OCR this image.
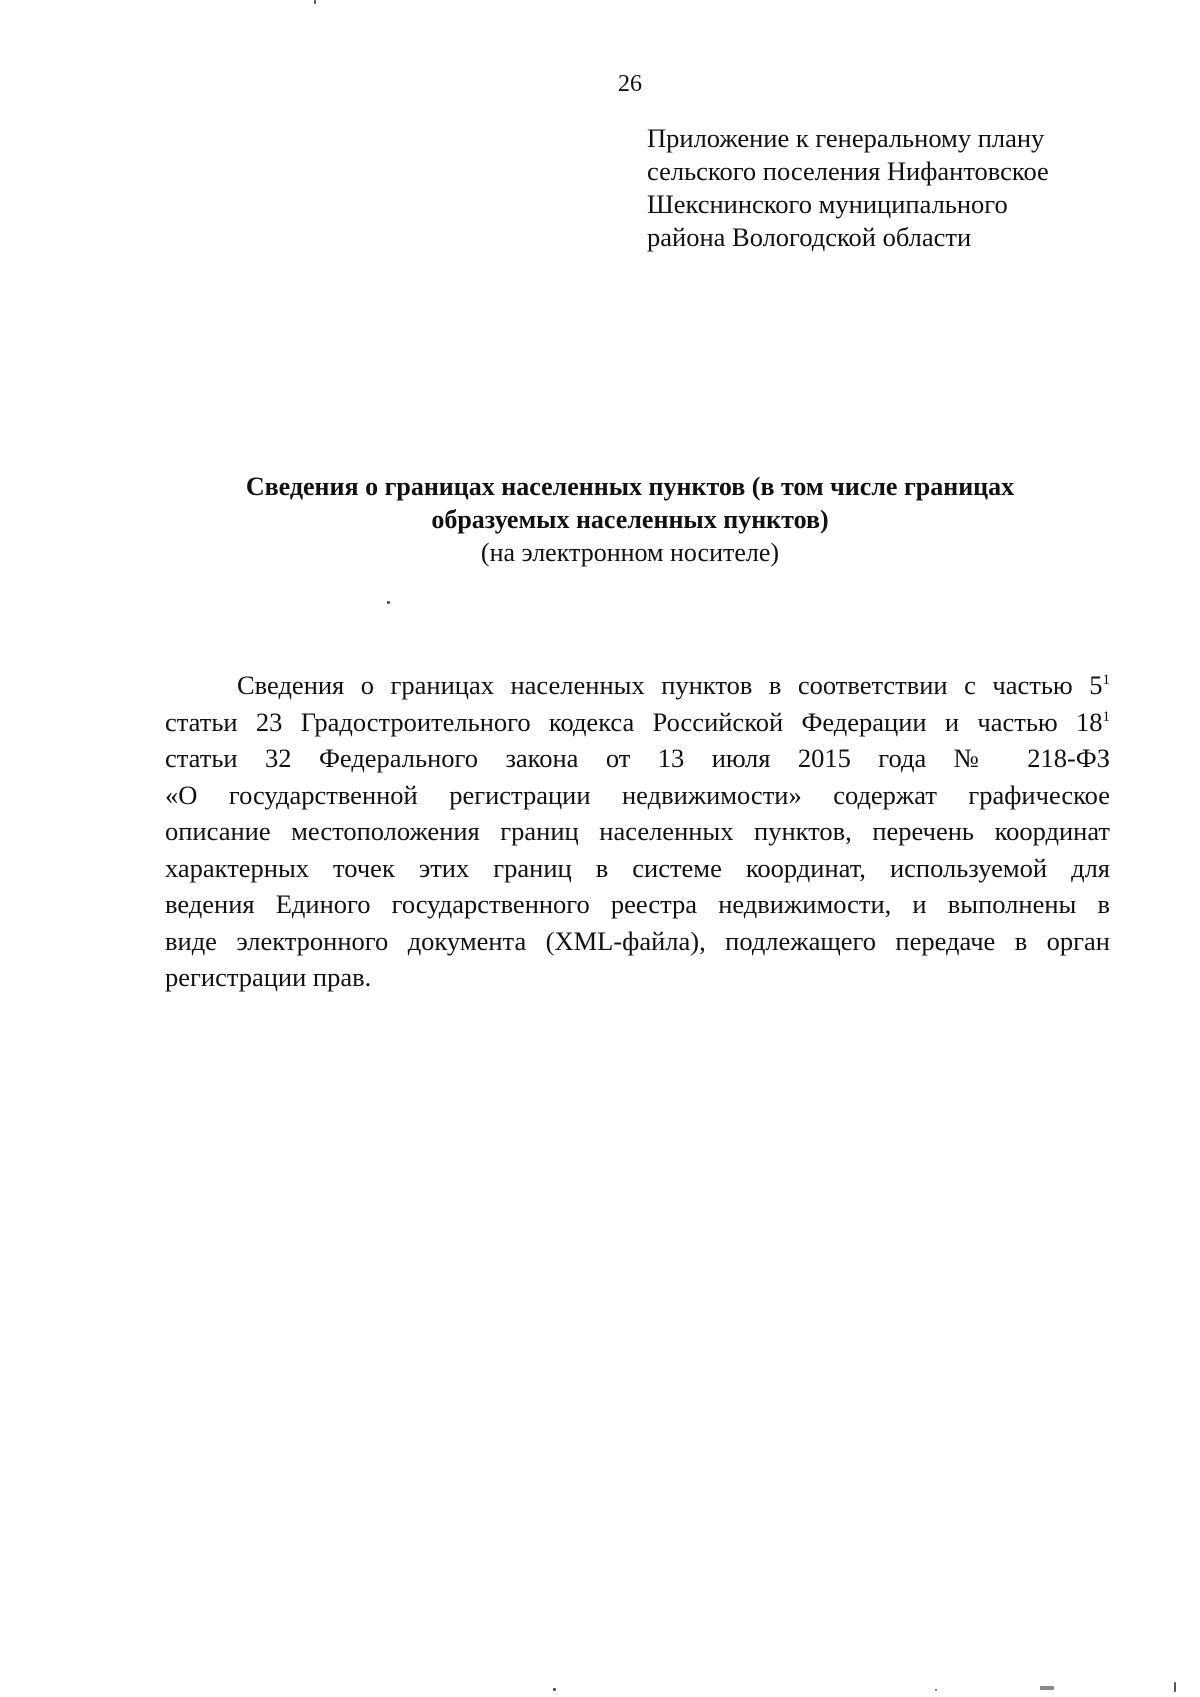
26
Приложение к генеральному плану
сельского поселения Нифантовское
Шекснинского муниципального
района Вологодской области
Сведения о границах населенных пунктов (в том числе границах
образуемых населенных пунктов)
(на электронном носителе)
Сведения о границах населенных пунктов в соответствии с частью $5^1$
статьи 23 Градостроительного кодекса Российской Федерации и частью $18^1$
статьи 32 Федерального закона от 13 июля 2015 года № 218-ФЗ
«О государственной регистрации недвижимости» содержат графическое
описание местоположения границ населенных пунктов, перечень координат
характерных точек этих границ в системе координат, используемой для
ведения Единого государственного реестра недвижимости, и выполнены в
виде электронного документа (XML-файла), подлежащего передаче в орган
регистрации прав.
